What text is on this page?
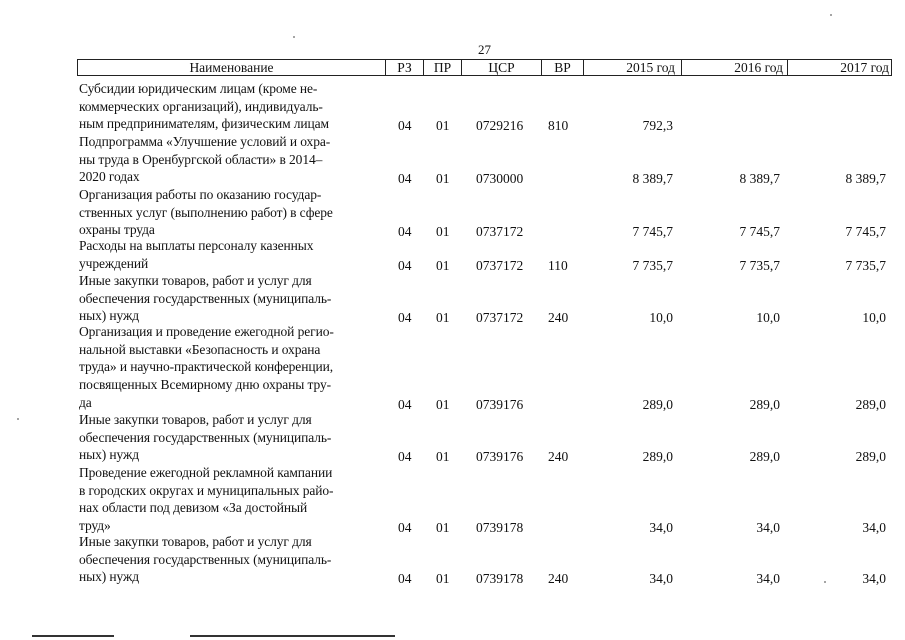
27
Наименование	РЗ	ПР	ЦСР	ВР	2015 год	2016 год	2017 год
Субсидии юридическим лицам (кроме не-
коммерческих организаций), индивидуаль-
ным предпринимателям, физическим лицам	04 01 0729216 810	792,3
Подпрограмма «Улучшение условий и охра-
ны труда в Оренбургской области» в 2014–
2020 годах	04 01 0730000	8 389,7	8 389,7	8 389,7
Организация работы по оказанию государ-
ственных услуг (выполнению работ) в сфере
охраны труда	04 01 0737172	7 745,7	7 745,7	7 745,7
Расходы на выплаты персоналу казенных
учреждений	04 01 0737172 110	7 735,7	7 735,7	7 735,7
Иные закупки товаров, работ и услуг для
обеспечения государственных (муниципаль-
ных) нужд	04 01 0737172 240	10,0	10,0	10,0
Организация и проведение ежегодной регио-
нальной выставки «Безопасность и охрана
труда» и научно-практической конференции,
посвященных Всемирному дню охраны тру-
да	04 01 0739176	289,0	289,0	289,0
Иные закупки товаров, работ и услуг для
обеспечения государственных (муниципаль-
ных) нужд	04 01 0739176 240	289,0	289,0	289,0
Проведение ежегодной рекламной кампании
в городских округах и муниципальных райо-
нах области под девизом «За достойный
труд»	04 01 0739178	34,0	34,0	34,0
Иные закупки товаров, работ и услуг для
обеспечения государственных (муниципаль-
ных) нужд	04 01 0739178 240	34,0	34,0	34,0
